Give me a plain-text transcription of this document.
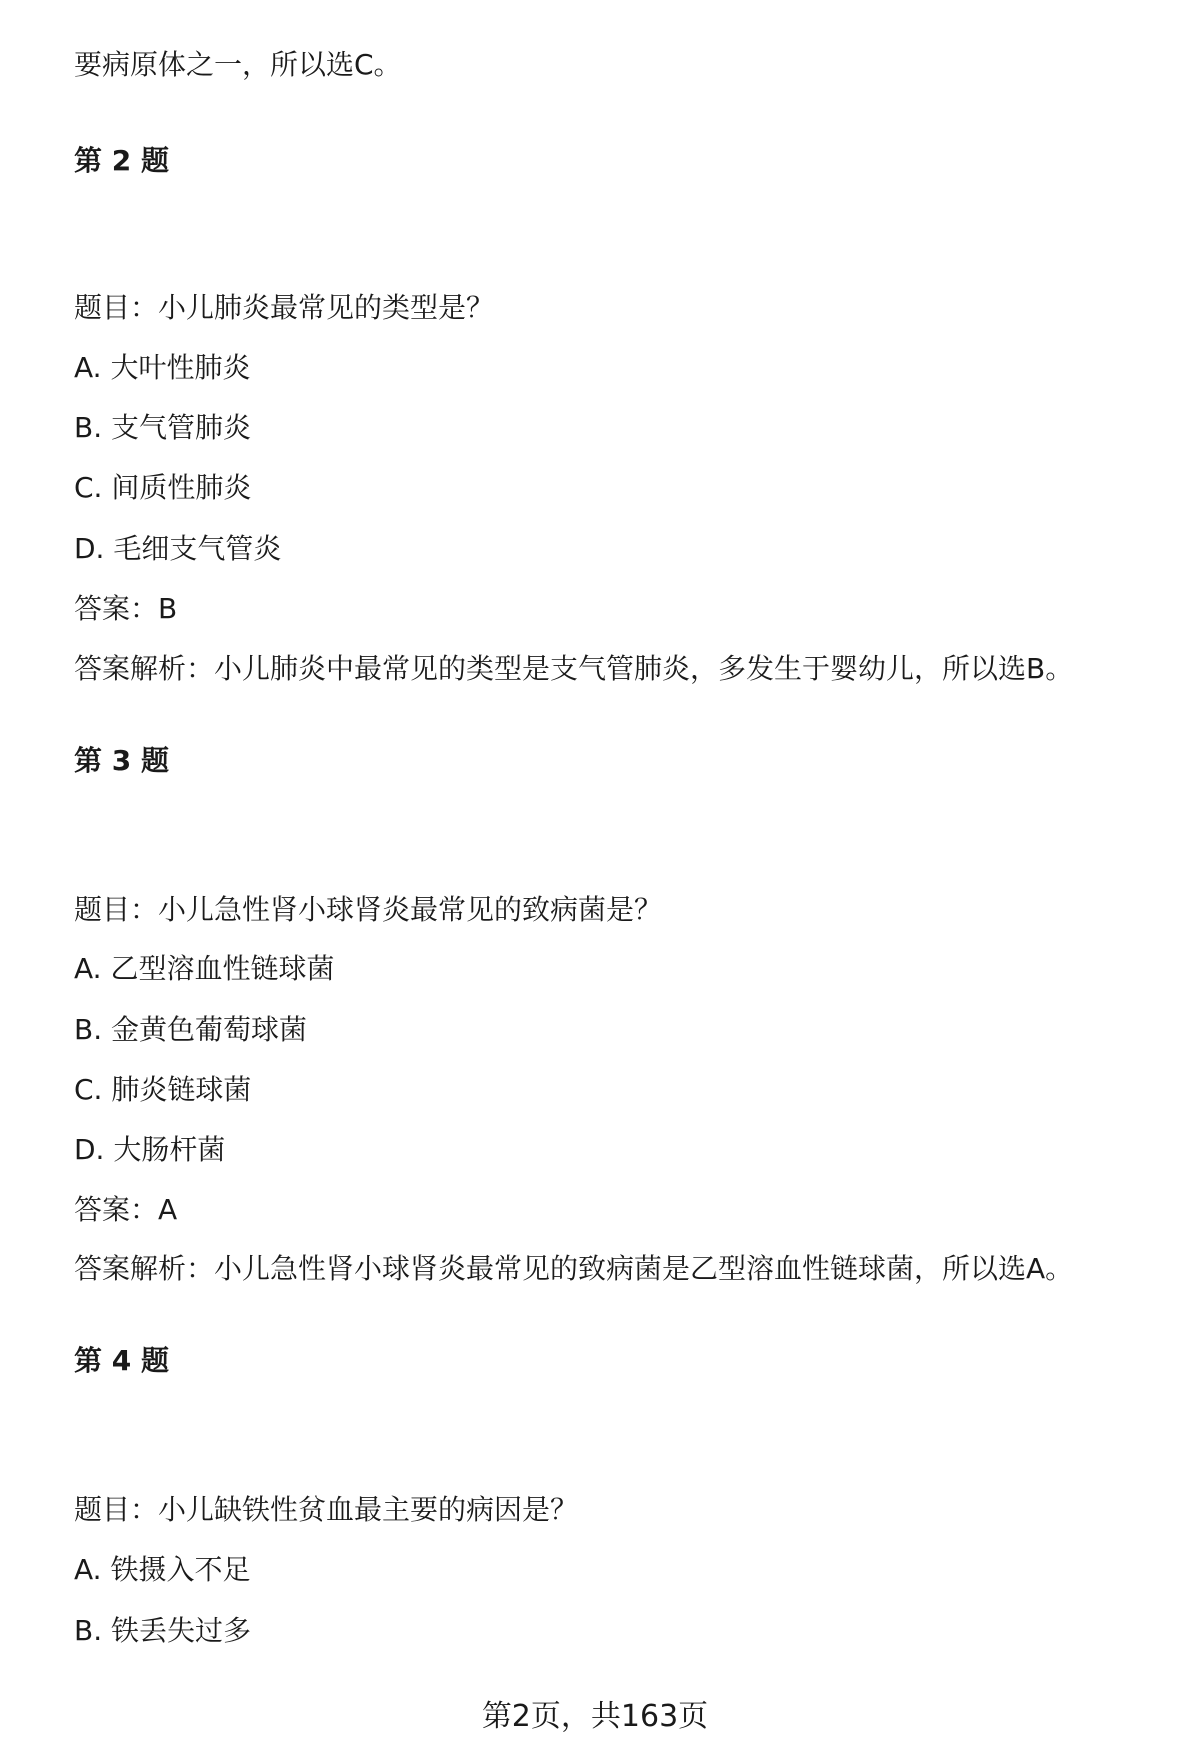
要病原体之一，所以选C。
第 2 题
题目：小儿肺炎最常见的类型是？
A. 大叶性肺炎
B. 支气管肺炎
C. 间质性肺炎
D. 毛细支气管炎
答案：B
答案解析：小儿肺炎中最常见的类型是支气管肺炎，多发生于婴幼儿，所以选B。
第 3 题
题目：小儿急性肾小球肾炎最常见的致病菌是？
A. 乙型溶血性链球菌
B. 金黄色葡萄球菌
C. 肺炎链球菌
D. 大肠杆菌
答案：A
答案解析：小儿急性肾小球肾炎最常见的致病菌是乙型溶血性链球菌，所以选A。
第 4 题
题目：小儿缺铁性贫血最主要的病因是？
A. 铁摄入不足
B. 铁丢失过多
第2页，共163页
